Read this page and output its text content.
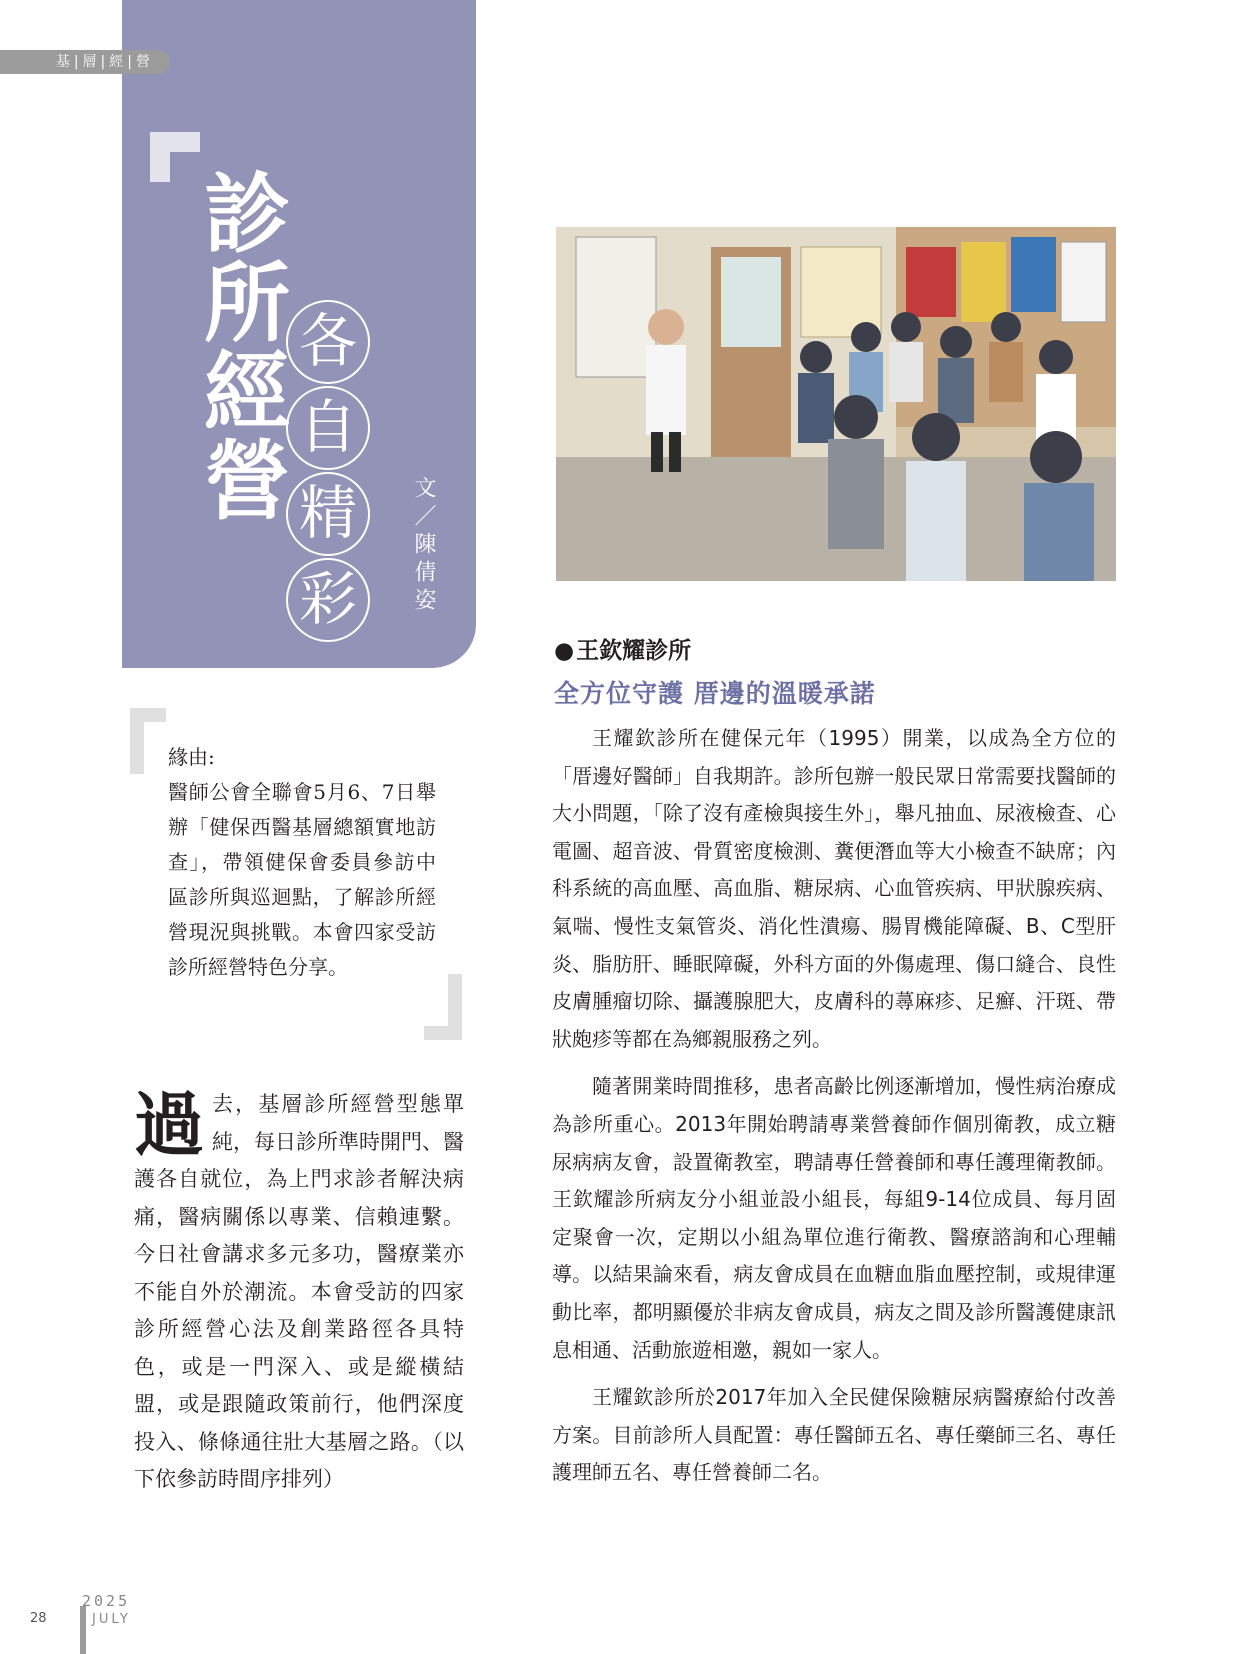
基|層|經|營
診
所
經
營
各
自
精
彩	文／陳倩姿

緣由:

醫師公會全聯會5月6、7日舉辦「健保西醫基層總額實地訪查」，帶領健保會委員參訪中區診所與巡迴點，了解診所經營現況與挑戰。本會四家受訪診所經營特色分享。

過 去，基層診所經營型態單純，每日診所準時開門、醫護各自就位，為上門求診者解決病痛，醫病關係以專業、信賴連繫。今日社會講求多元多功，醫療業亦不能自外於潮流。本會受訪的四家診所經營心法及創業路徑各具特色，或是一門深入、或是縱橫結盟，或是跟隨政策前行，他們深度投入、條條通往壯大基層之路。（以下依參訪時間序排列）
●王欽耀診所
全方位守護 厝邊的溫暖承諾

王耀欽診所在健保元年（1995）開業，以成為全方位的「厝邊好醫師」自我期許。診所包辦一般民眾日常需要找醫師的大小問題，「除了沒有產檢與接生外」，舉凡抽血、尿液檢查、心電圖、超音波、骨質密度檢測、糞便潛血等大小檢查不缺席；內科系統的高血壓、高血脂、糖尿病、心血管疾病、甲狀腺疾病、氣喘、慢性支氣管炎、消化性潰瘍、腸胃機能障礙、B、C型肝炎、脂肪肝、睡眠障礙，外科方面的外傷處理、傷口縫合、良性皮膚腫瘤切除、攝護腺肥大，皮膚科的蕁麻疹、足癬、汗斑、帶狀皰疹等都在為鄉親服務之列。

隨著開業時間推移，患者高齡比例逐漸增加，慢性病治療成為診所重心。2013年開始聘請專業營養師作個別衛教，成立糖尿病病友會，設置衛教室，聘請專任營養師和專任護理衛教師。王欽耀診所病友分小組並設小組長，每組9-14位成員、每月固定聚會一次，定期以小組為單位進行衛教、醫療諮詢和心理輔導。以結果論來看，病友會成員在血糖血脂血壓控制，或規律運動比率，都明顯優於非病友會成員，病友之間及診所醫護健康訊息相通、活動旅遊相邀，親如一家人。

王耀欽診所於2017年加入全民健保險糖尿病醫療給付改善方案。目前診所人員配置：專任醫師五名、專任藥師三名、專任護理師五名、專任營養師二名。

28
2025
JULY
